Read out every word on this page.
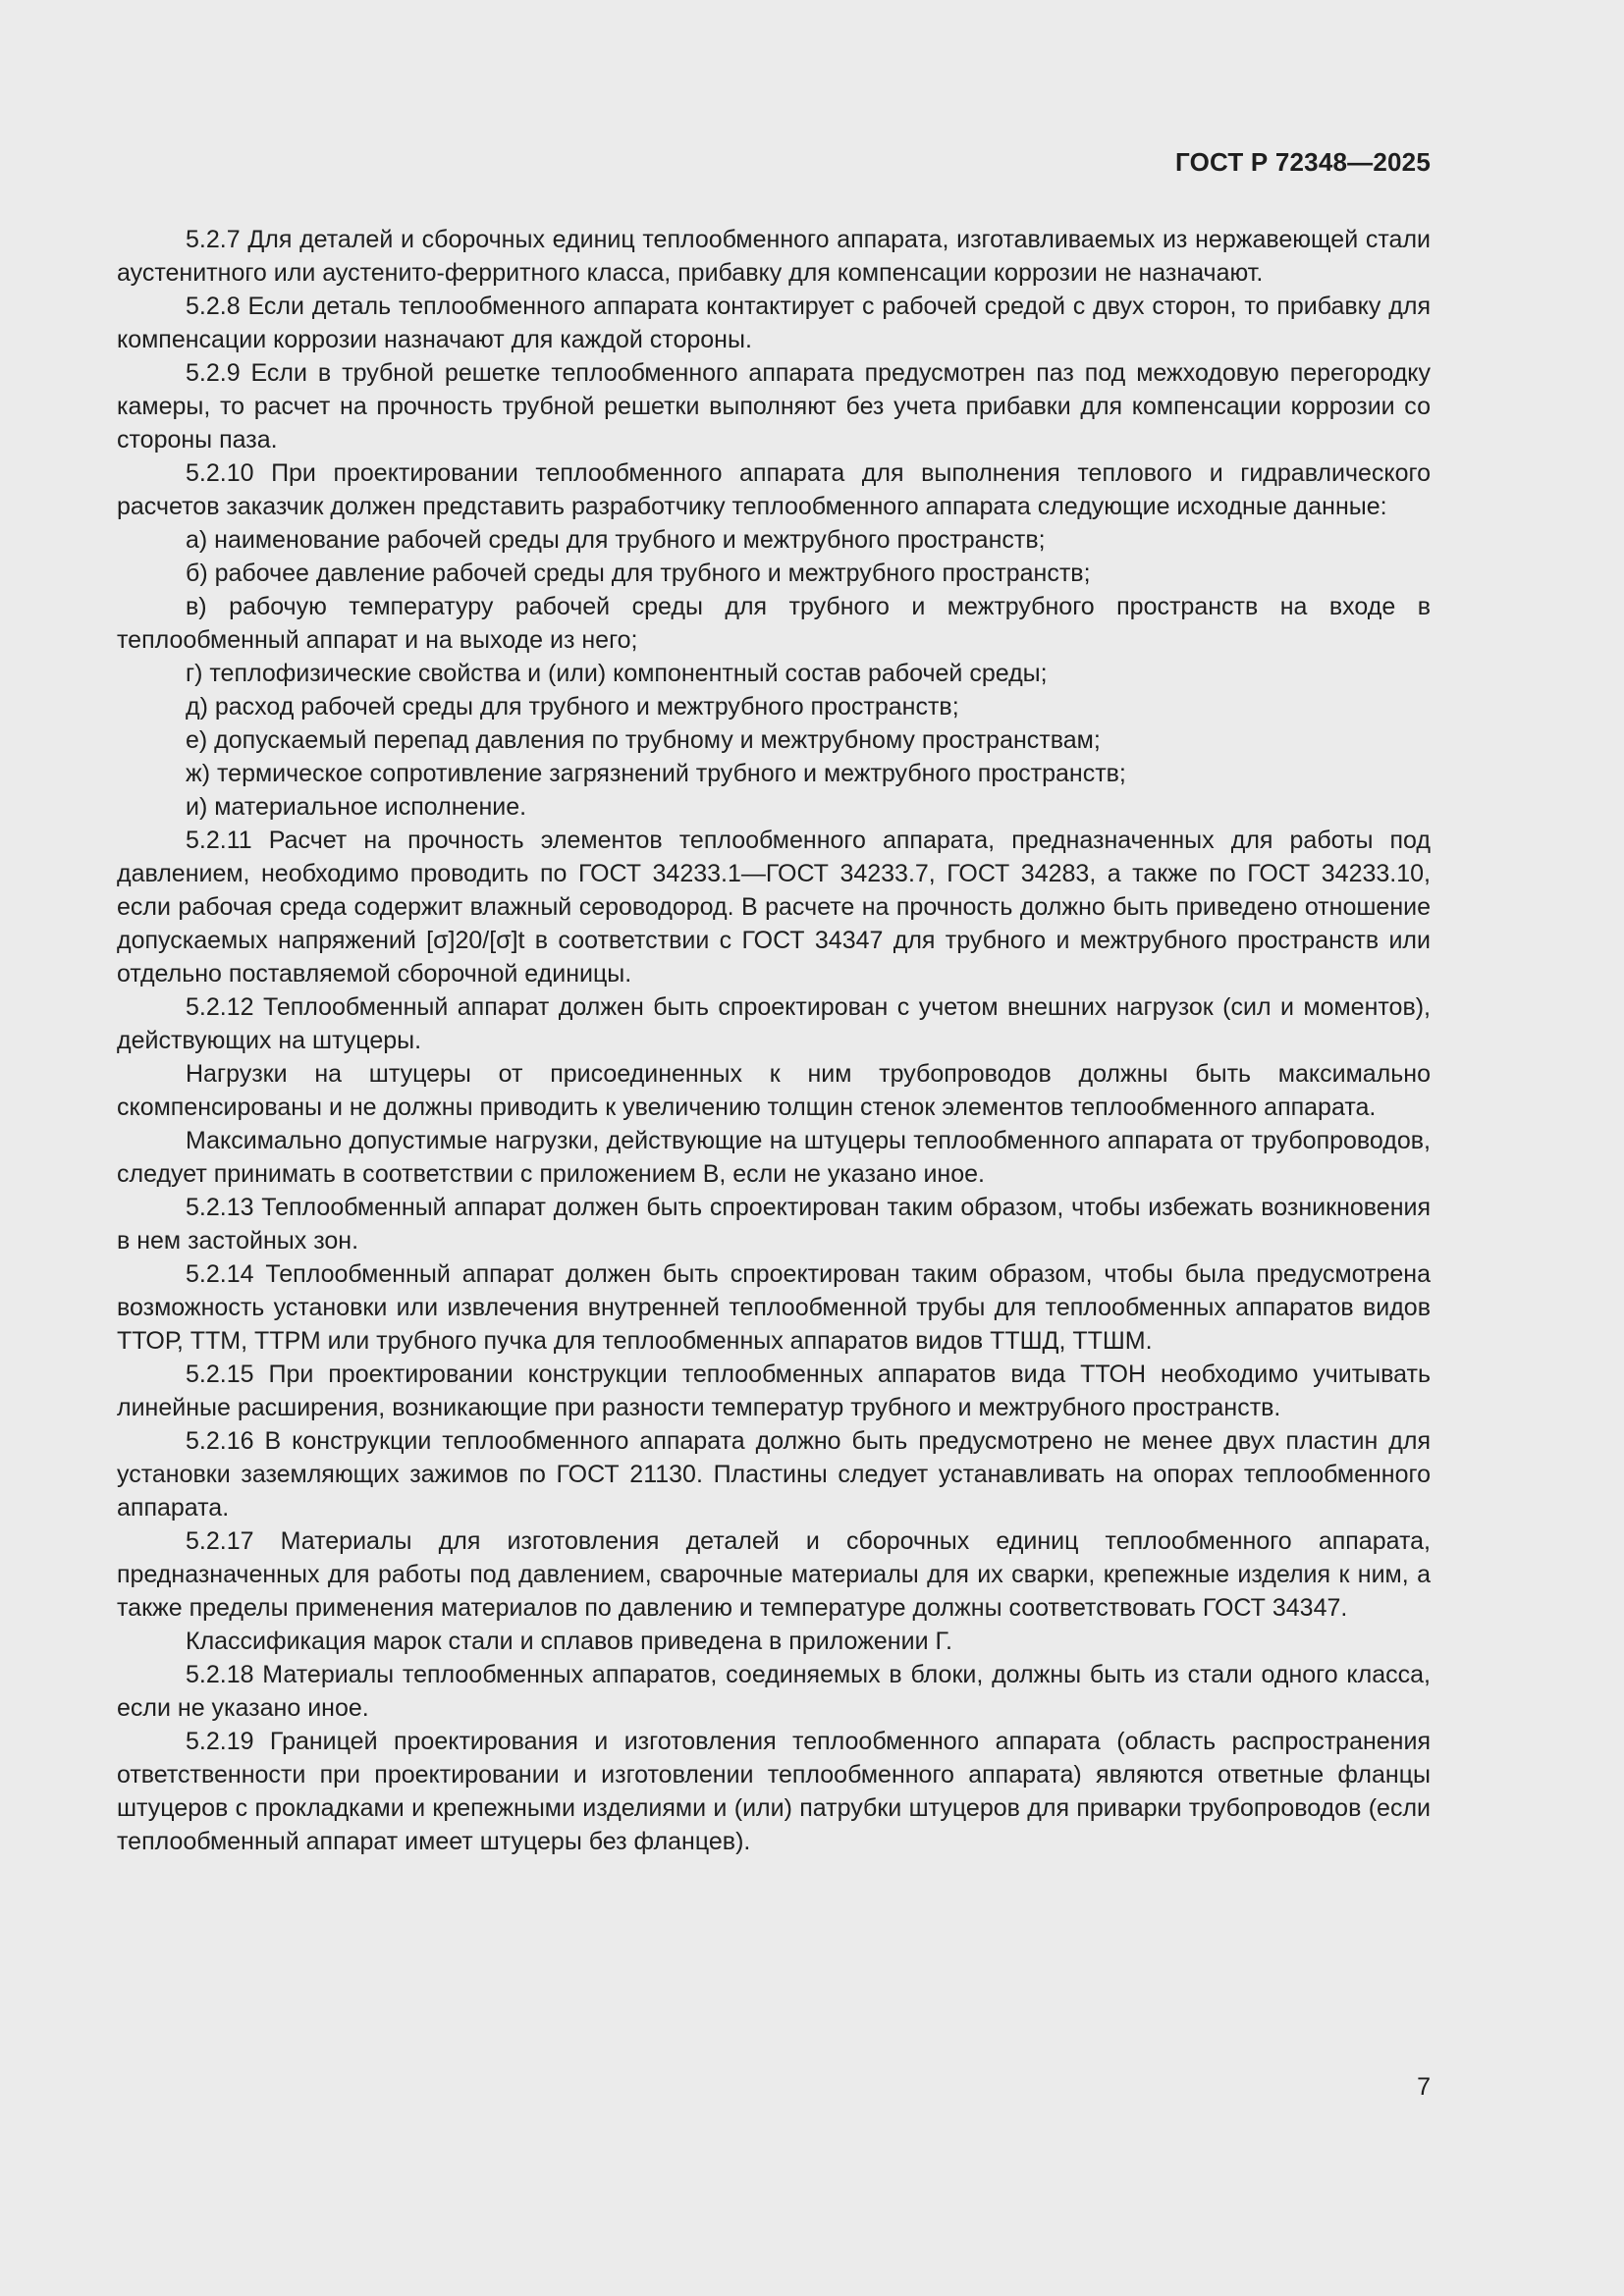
ГОСТ Р 72348—2025

5.2.7 Для деталей и сборочных единиц теплообменного аппарата, изготавливаемых из нержавеющей стали аустенитного или аустенито-ферритного класса, прибавку для компенсации коррозии не назначают.

5.2.8 Если деталь теплообменного аппарата контактирует с рабочей средой с двух сторон, то прибавку для компенсации коррозии назначают для каждой стороны.

5.2.9 Если в трубной решетке теплообменного аппарата предусмотрен паз под межходовую перегородку камеры, то расчет на прочность трубной решетки выполняют без учета прибавки для компенсации коррозии со стороны паза.

5.2.10 При проектировании теплообменного аппарата для выполнения теплового и гидравлического расчетов заказчик должен представить разработчику теплообменного аппарата следующие исходные данные:

а) наименование рабочей среды для трубного и межтрубного пространств;

б) рабочее давление рабочей среды для трубного и межтрубного пространств;

в) рабочую температуру рабочей среды для трубного и межтрубного пространств на входе в теплообменный аппарат и на выходе из него;

г) теплофизические свойства и (или) компонентный состав рабочей среды;

д) расход рабочей среды для трубного и межтрубного пространств;

е) допускаемый перепад давления по трубному и межтрубному пространствам;

ж) термическое сопротивление загрязнений трубного и межтрубного пространств;

и) материальное исполнение.

5.2.11 Расчет на прочность элементов теплообменного аппарата, предназначенных для работы под давлением, необходимо проводить по ГОСТ 34233.1—ГОСТ 34233.7, ГОСТ 34283, а также по ГОСТ 34233.10, если рабочая среда содержит влажный сероводород. В расчете на прочность должно быть приведено отношение допускаемых напряжений [σ]20/[σ]t в соответствии с ГОСТ 34347 для трубного и межтрубного пространств или отдельно поставляемой сборочной единицы.

5.2.12 Теплообменный аппарат должен быть спроектирован с учетом внешних нагрузок (сил и моментов), действующих на штуцеры.

Нагрузки на штуцеры от присоединенных к ним трубопроводов должны быть максимально скомпенсированы и не должны приводить к увеличению толщин стенок элементов теплообменного аппарата.

Максимально допустимые нагрузки, действующие на штуцеры теплообменного аппарата от трубопроводов, следует принимать в соответствии с приложением В, если не указано иное.

5.2.13 Теплообменный аппарат должен быть спроектирован таким образом, чтобы избежать возникновения в нем застойных зон.

5.2.14 Теплообменный аппарат должен быть спроектирован таким образом, чтобы была предусмотрена возможность установки или извлечения внутренней теплообменной трубы для теплообменных аппаратов видов ТТОР, ТТМ, ТТРМ или трубного пучка для теплообменных аппаратов видов ТТШД, ТТШМ.

5.2.15 При проектировании конструкции теплообменных аппаратов вида ТТОН необходимо учитывать линейные расширения, возникающие при разности температур трубного и межтрубного пространств.

5.2.16 В конструкции теплообменного аппарата должно быть предусмотрено не менее двух пластин для установки заземляющих зажимов по ГОСТ 21130. Пластины следует устанавливать на опорах теплообменного аппарата.

5.2.17 Материалы для изготовления деталей и сборочных единиц теплообменного аппарата, предназначенных для работы под давлением, сварочные материалы для их сварки, крепежные изделия к ним, а также пределы применения материалов по давлению и температуре должны соответствовать ГОСТ 34347.

Классификация марок стали и сплавов приведена в приложении Г.

5.2.18 Материалы теплообменных аппаратов, соединяемых в блоки, должны быть из стали одного класса, если не указано иное.

5.2.19 Границей проектирования и изготовления теплообменного аппарата (область распространения ответственности при проектировании и изготовлении теплообменного аппарата) являются ответные фланцы штуцеров с прокладками и крепежными изделиями и (или) патрубки штуцеров для приварки трубопроводов (если теплообменный аппарат имеет штуцеры без фланцев).

7
